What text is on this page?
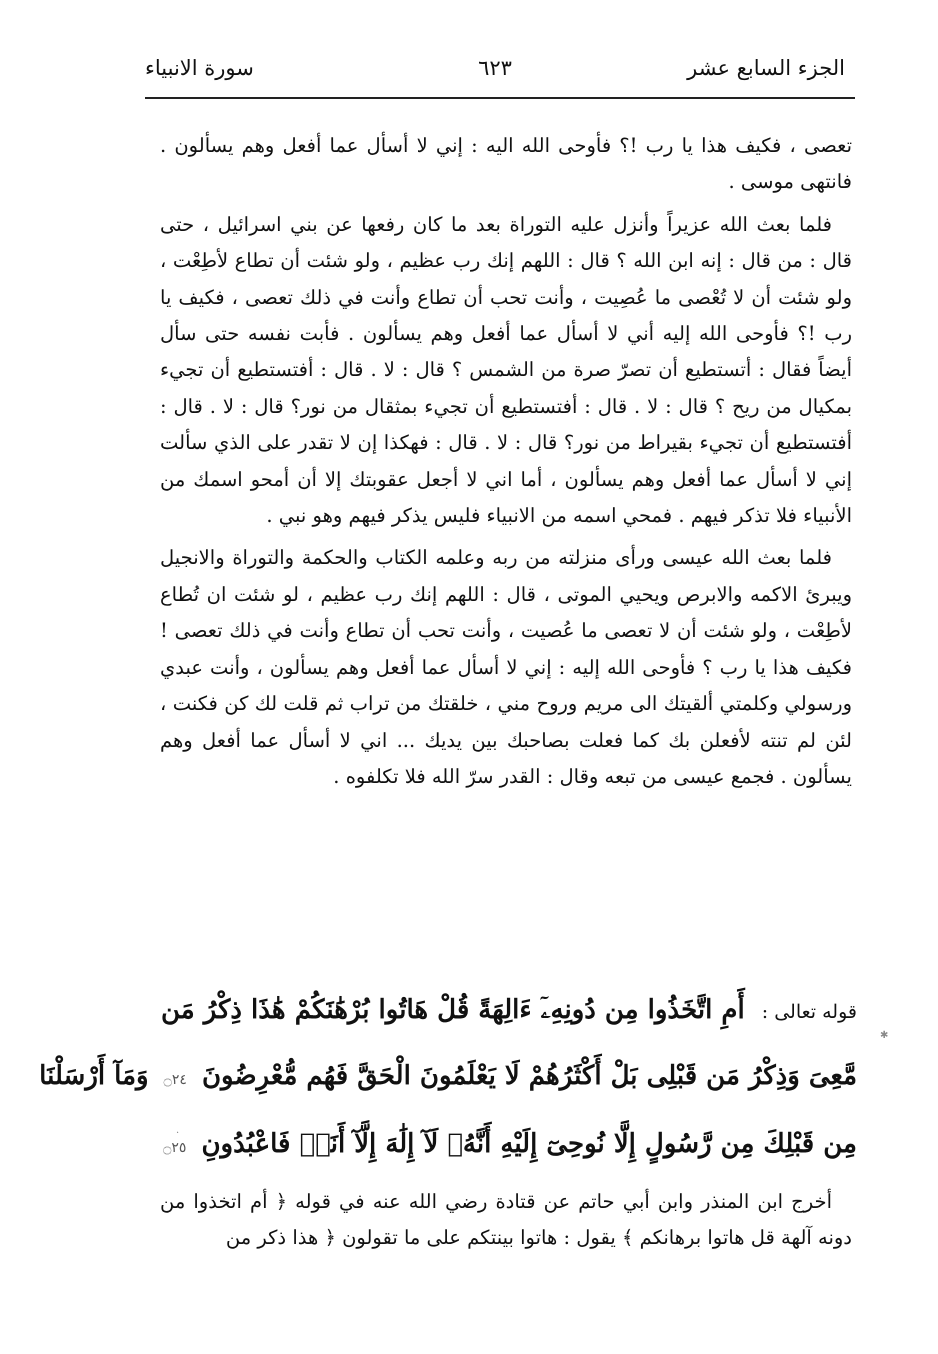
الجزء السابع عشر
٦٢٣
سورة الانبياء

تعصى ، فكيف هذا يا رب !؟ فأوحى الله اليه : إني لا أسأل عما أفعل وهم يسألون . فانتهى موسى .

فلما بعث الله عزيراً وأنزل عليه التوراة بعد ما كان رفعها عن بني اسرائيل ، حتى قال : من قال : إنه ابن الله ؟ قال : اللهم إنك رب عظيم ، ولو شئت أن تطاع لأطِعْت ، ولو شئت أن لا تُعْصى ما عُصِيت ، وأنت تحب أن تطاع وأنت في ذلك تعصى ، فكيف يا رب !؟ فأوحى الله إليه أني لا أسأل عما أفعل وهم يسألون . فأبت نفسه حتى سأل أيضاً فقال : أتستطيع أن تصرّ صرة من الشمس ؟ قال : لا . قال : أفتستطيع أن تجيء بمكيال من ريح ؟ قال : لا . قال : أفتستطيع أن تجيء بمثقال من نور؟ قال : لا . قال : أفتستطيع أن تجيء بقيراط من نور؟ قال : لا . قال : فهكذا إن لا تقدر على الذي سألت إني لا أسأل عما أفعل وهم يسألون ، أما اني لا أجعل عقوبتك إلا أن أمحو اسمك من الأنبياء فلا تذكر فيهم . فمحي اسمه من الانبياء فليس يذكر فيهم وهو نبي .

فلما بعث الله عيسى ورأى منزلته من ربه وعلمه الكتاب والحكمة والتوراة والانجيل ويبرئ الاكمه والابرص ويحيي الموتى ، قال : اللهم إنك رب عظيم ، لو شئت ان تُطاع لأطِعْت ، ولو شئت أن لا تعصى ما عُصيت ، وأنت تحب أن تطاع وأنت في ذلك تعصى ! فكيف هذا يا رب ؟ فأوحى الله إليه : إني لا أسأل عما أفعل وهم يسألون ، وأنت عبدي ورسولي وكلمتي ألقيتك الى مريم وروح مني ، خلقتك من تراب ثم قلت لك كن فكنت ، لئن لم تنته لأفعلن بك كما فعلت بصاحبك بين يديك ... اني لا أسأل عما أفعل وهم يسألون . فجمع عيسى من تبعه وقال : القدر سرّ الله فلا تكلفوه .

قوله تعالى : أَمِ اتَّخَذُوا مِن دُونِهِۦٓ ءَالِهَةً قُلْ هَاتُوا بُرْهَٰنَكُمْ هَٰذَا ذِكْرُ مَن
مَّعِىَ وَذِكْرُ مَن قَبْلِى بَلْ أَكْثَرُهُمْ لَا يَعْلَمُونَ الْحَقَّ فَهُم مُّعْرِضُونَ ۝٢٤ وَمَآ أَرْسَلْنَا
مِن قَبْلِكَ مِن رَّسُولٍ إِلَّا نُوحِىٓ إِلَيْهِ أَنَّهُۥ لَآ إِلَٰهَ إِلَّآ أَنَا۠ فَاعْبُدُونِ ۝٢٥

أخرج ابن المنذر وابن أبي حاتم عن قتادة رضي الله عنه في قوله ﴿ أم اتخذوا من دونه آلهة قل هاتوا برهانكم ﴾ يقول : هاتوا بينتكم على ما تقولون ﴿ هذا ذكر من

✱
·
